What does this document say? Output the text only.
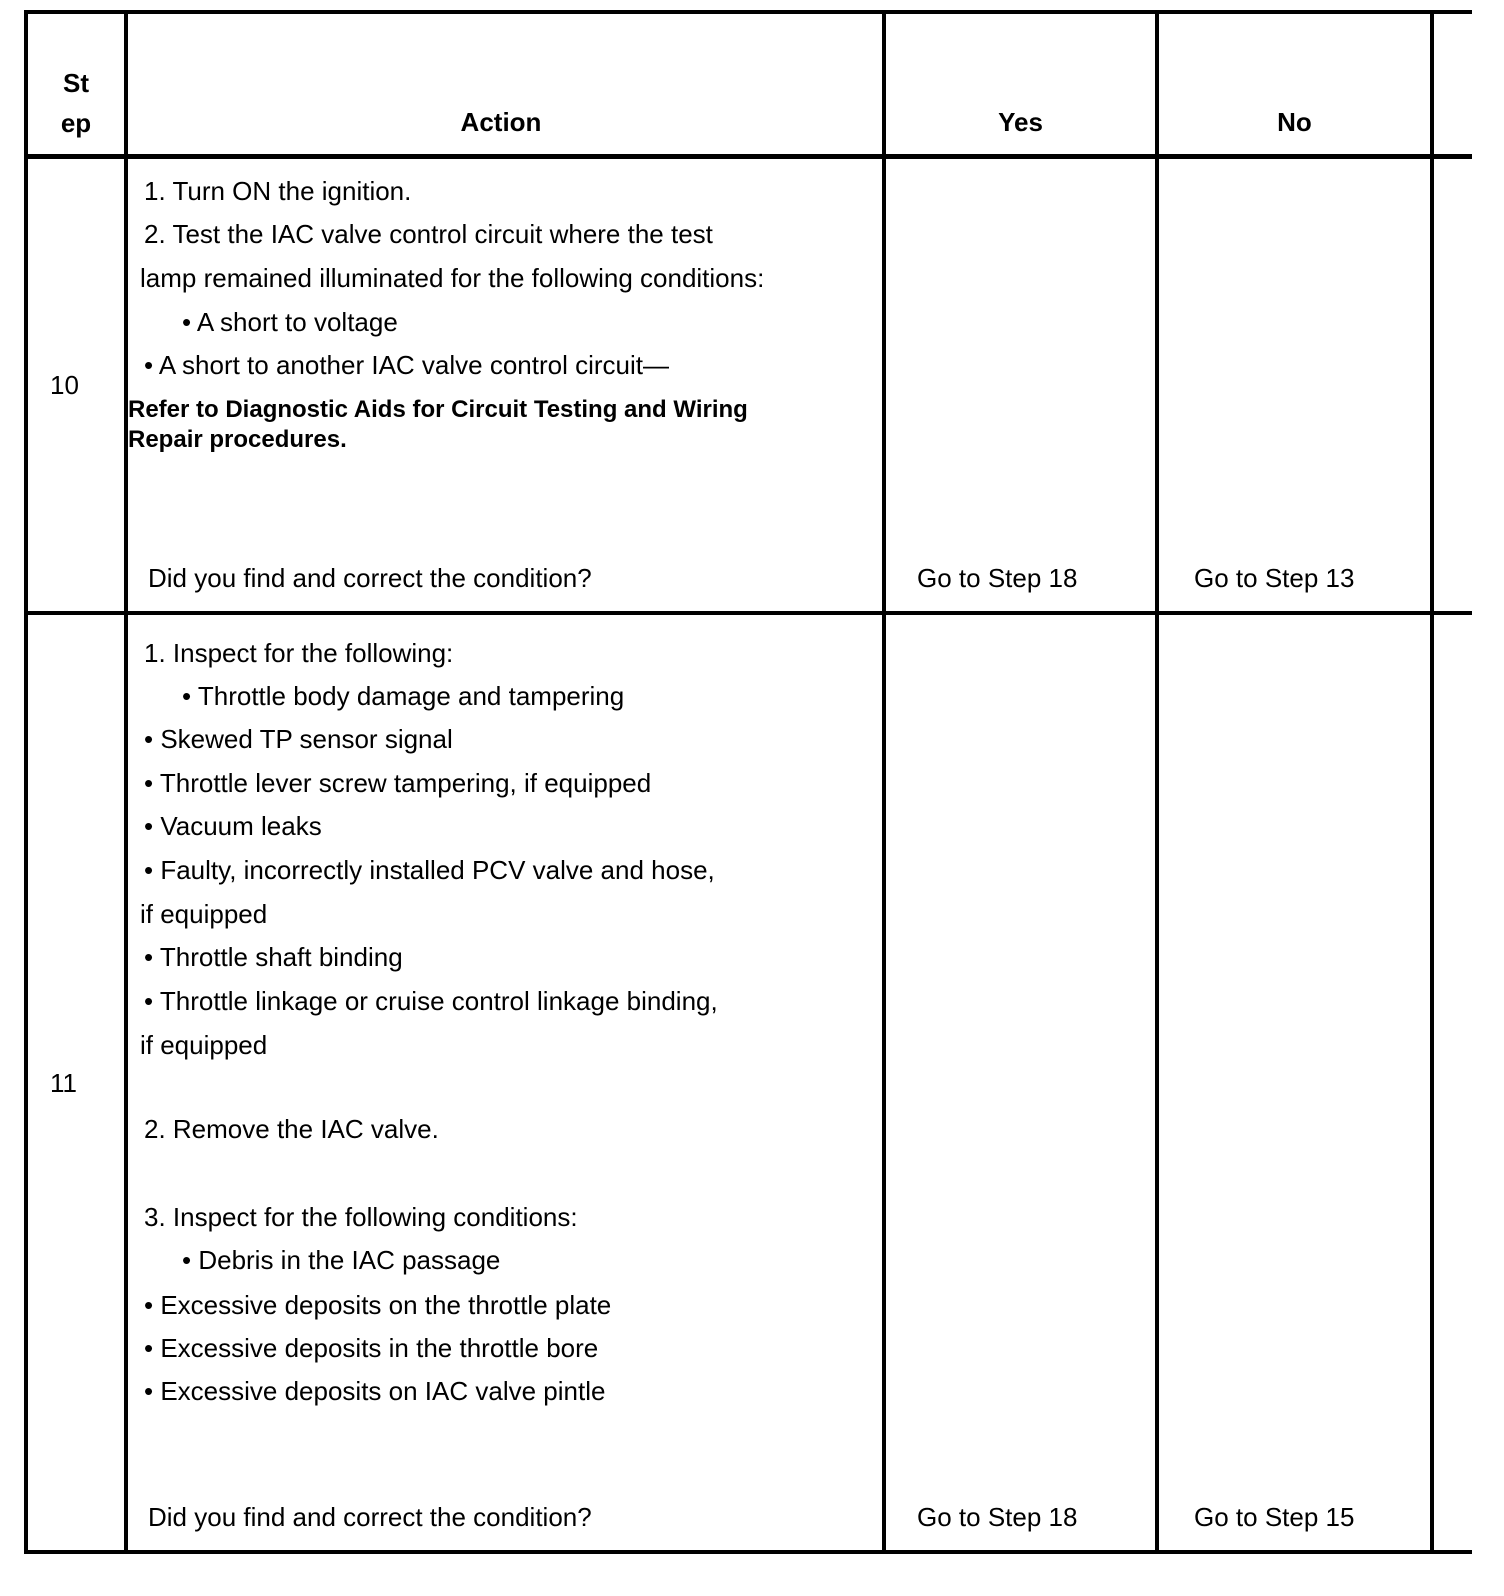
St
ep	Action	Yes	No
10
1. Turn ON the ignition.
2. Test the IAC valve control circuit where the test
lamp remained illuminated for the following conditions:
• A short to voltage
• A short to another IAC valve control circuit—
Refer to Diagnostic Aids for Circuit Testing and Wiring
Repair procedures.
Did you find and correct the condition?	Go to Step 18	Go to Step 13
11
1. Inspect for the following:
• Throttle body damage and tampering
• Skewed TP sensor signal
• Throttle lever screw tampering, if equipped
• Vacuum leaks
• Faulty, incorrectly installed PCV valve and hose,
if equipped
• Throttle shaft binding
• Throttle linkage or cruise control linkage binding,
if equipped
2. Remove the IAC valve.
3. Inspect for the following conditions:
• Debris in the IAC passage
• Excessive deposits on the throttle plate
• Excessive deposits in the throttle bore
• Excessive deposits on IAC valve pintle
Did you find and correct the condition?	Go to Step 18	Go to Step 15
